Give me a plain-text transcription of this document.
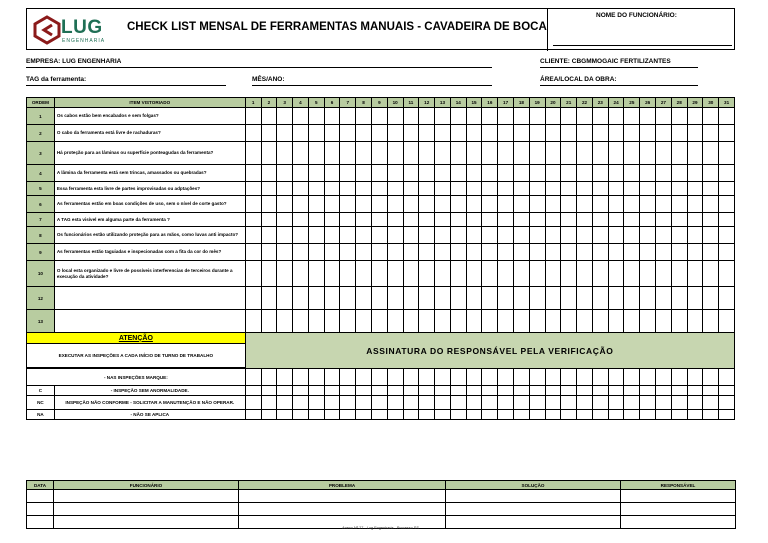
LUG
ENGENHARIA
CHECK LIST MENSAL DE FERRAMENTAS MANUAIS - CAVADEIRA DE BOCA
NOME DO FUNCIONÁRIO:
EMPRESA: LUG ENGENHARIA	CLIENTE: CBGMMOGAIC FERTILIZANTES
TAG da ferramenta:	MÊS/ANO:	ÁREA/LOCAL DA OBRA:
ORDEM	ITEM VISTORIADO	1	2	3	4	5	6	7	8	9	10	11	12	13	14	15	16	17	18	19	20	21	22	23	24	25	26	27	28	29	30	31
1	Os cabos estão bem encabados e sem folgas?																															
2	O cabo da ferramenta está livre de rachaduras?																															
3	Há proteção para as lâminas ou superfície ponteagudas da ferramenta?																															
4	A lâmina da ferramenta está sem trincas, amassados ou quebradas?																															
5	Essa ferramenta esta livre de partes improvisadas ou adptações?																															
6	As ferramentas estão em boas condições de uso, sem o nível de corte gasto?																															
7	A TAG esta visível em alguma parte da ferramenta ?																															
8	Os funcionários estão utilizando proteção para as mãos, como luvas anti impacto?																															
9	As ferramentas estão taguiadas e inspecionadas com a fita da cor do mês?																															
10	O local esta organizado e livre de possíveis interferencias de terceiros durante a execução da atividade?																															
12																																
13																																
ATENÇÃO		ASSINATURA DO RESPONSÁVEL PELA VERIFICAÇÃO																														
EXECUTAR AS INSPEÇÕES A CADA INÍCIO DE TURNO DE TRABALHO																																

- NAS INSPEÇÕES MARQUE:																																
C	- INSPEÇÃO SEM ANORMALIDADE.																															
NC	INSPEÇÃO NÃO CONFORME - SOLICITAR A MANUTENÇÃO E NÃO OPERAR.																															
NA	- NÃO SE APLICA																															
DATA	FUNCIONÁRIO	PROBLEMA	SOLUÇÃO	RESPONSÁVEL

Anexo Nº 27 - Lug Engenharia - Processo SS
